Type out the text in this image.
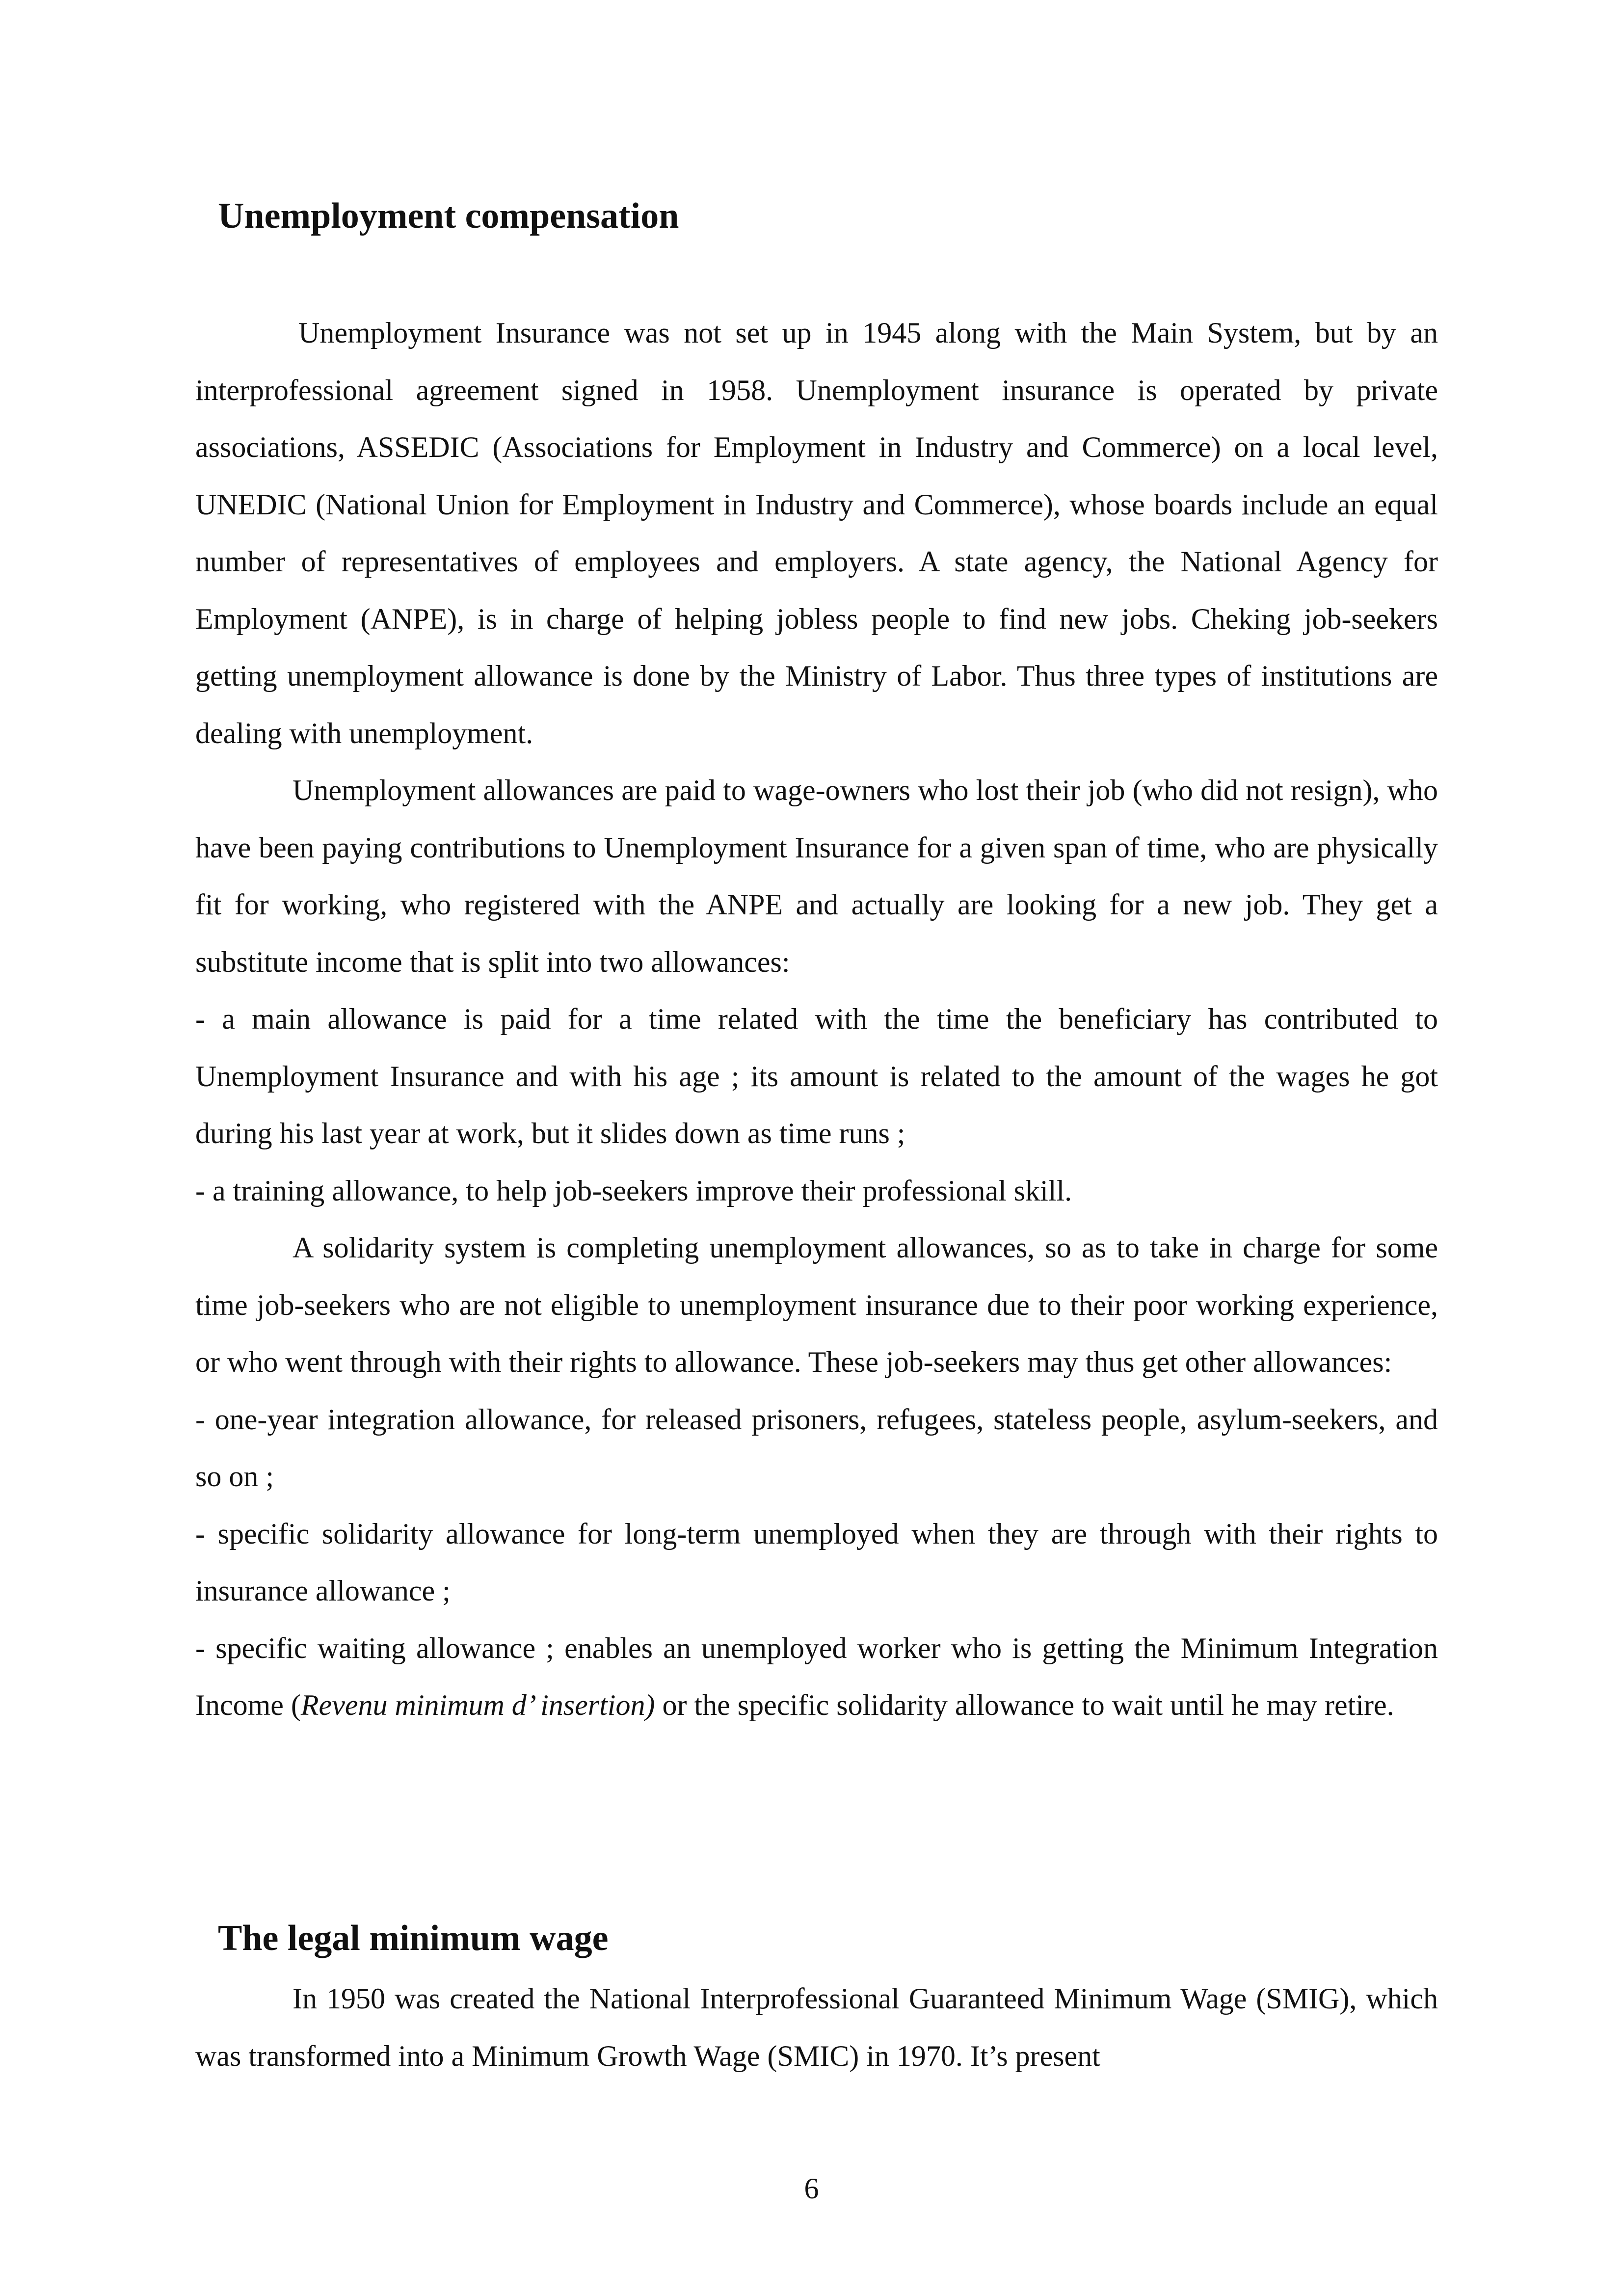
Unemployment compensation

Unemployment Insurance was not set up in 1945 along with the Main System, but by an interprofessional agreement signed in 1958. Unemployment insurance is operated by private associations, ASSEDIC (Associations for Employment in Industry and Commerce) on a local level, UNEDIC (National Union for Employment in Industry and Commerce), whose boards include an equal number of representatives of employees and employers. A state agency, the National Agency for Employment (ANPE), is in charge of helping jobless people to find new jobs. Cheking job-seekers getting unemployment allowance is done by the Ministry of Labor. Thus three types of institutions are dealing with unemployment.

Unemployment allowances are paid to wage-owners who lost their job (who did not resign), who have been paying contributions to Unemployment Insurance for a given span of time, who are physically fit for working, who registered with the ANPE and actually are looking for a new job. They get a substitute income that is split into two allowances:

- a main allowance is paid for a time related with the time the beneficiary has contributed to Unemployment Insurance and with his age ; its amount is related to the amount of the wages he got during his last year at work, but it slides down as time runs ;

- a training allowance, to help job-seekers improve their professional skill.

A solidarity system is completing unemployment allowances, so as to take in charge for some time job-seekers who are not eligible to unemployment insurance due to their poor working experience, or who went through with their rights to allowance. These job-seekers may thus get other allowances:

- one-year integration allowance, for released prisoners, refugees, stateless people, asylum-seekers, and so on ;

- specific solidarity allowance for long-term unemployed when they are through with their rights to insurance allowance ;

- specific waiting allowance ; enables an unemployed worker who is getting the Minimum Integration Income (Revenu minimum d’ insertion) or the specific solidarity allowance to wait until he may retire.

The legal minimum wage

In 1950 was created the National Interprofessional Guaranteed Minimum Wage (SMIG), which was transformed into a Minimum Growth Wage (SMIC) in 1970. It’s present

6
